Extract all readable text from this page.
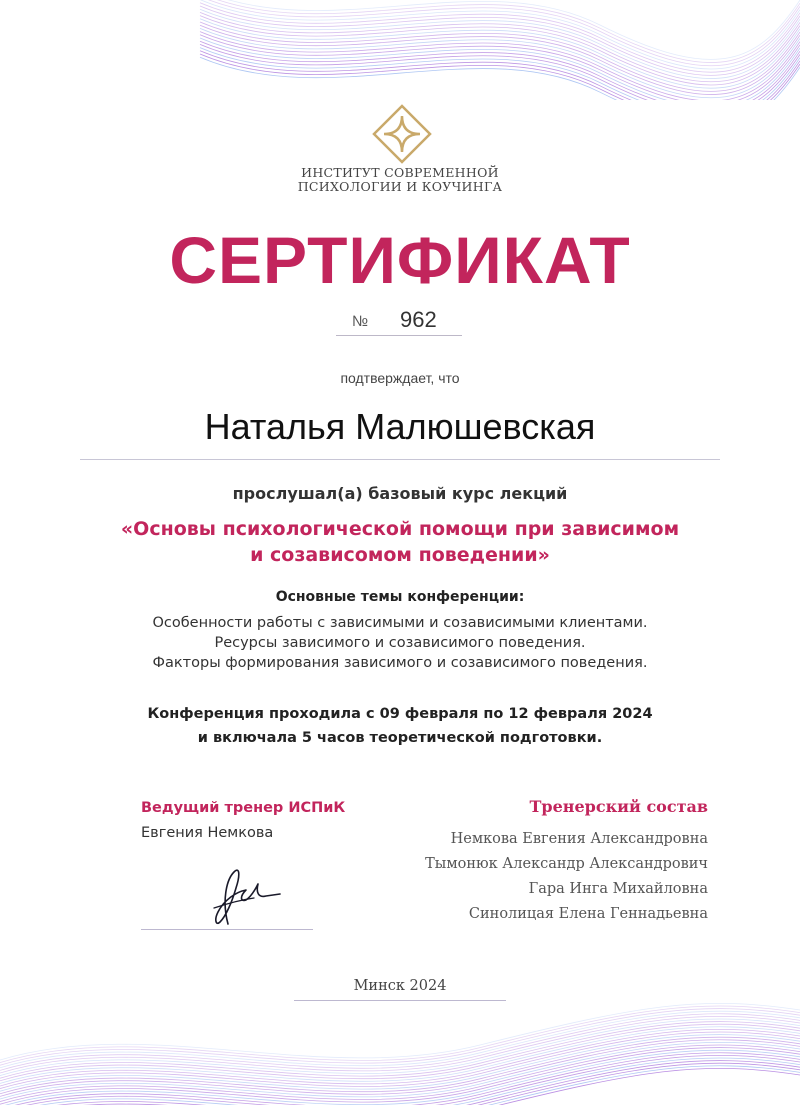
ИНСТИТУТ СОВРЕМЕННОЙ
ПСИХОЛОГИИ И КОУЧИНГА
СЕРТИФИКАТ
№ 962
подтверждает, что
Наталья Малюшевская
прослушал(а) базовый курс лекций
«Основы психологической помощи при зависимом
и созависомом поведении»
Основные темы конференции:
Особенности работы с зависимыми и созависимыми клиентами.
Ресурсы зависимого и созависимого поведения.
Факторы формирования зависимого и созависимого поведения.
Конференция проходила с 09 февраля по 12 февраля 2024
и включала 5 часов теоретической подготовки.
Ведущий тренер ИСПиК
Евгения Немкова
Тренерский состав
Немкова Евгения Александровна
Тымонюк Александр Александрович
Гара Инга Михайловна
Синолицая Елена Геннадьевна
Минск 2024
